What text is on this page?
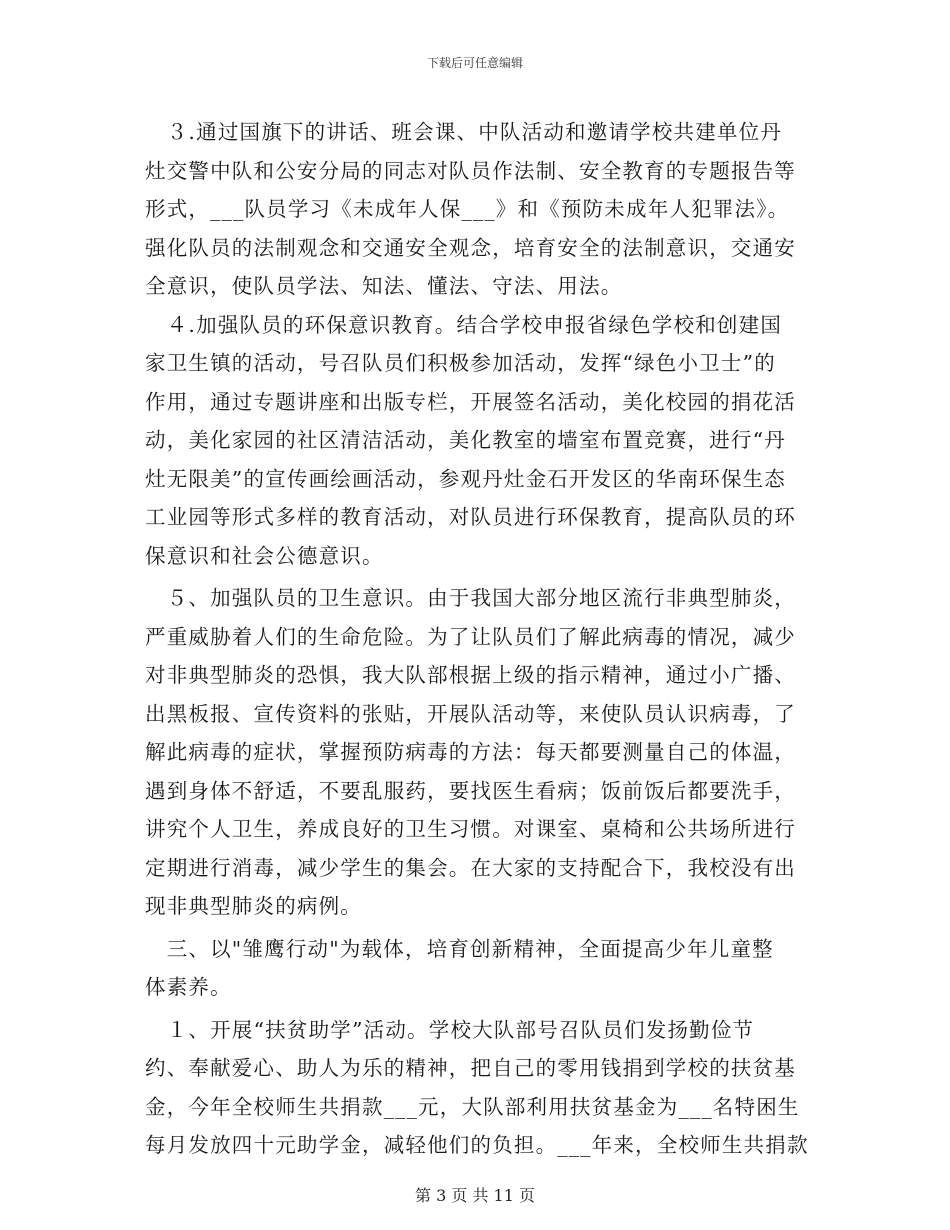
下载后可任意编辑

　３.通过国旗下的讲话、班会课、中队活动和邀请学校共建单位丹
灶交警中队和公安分局的同志对队员作法制、安全教育的专题报告等
形式，___队员学习《未成年人保___》和《预防未成年人犯罪法》。
强化队员的法制观念和交通安全观念，培育安全的法制意识，交通安
全意识，使队员学法、知法、懂法、守法、用法。

　４.加强队员的环保意识教育。结合学校申报省绿色学校和创建国
家卫生镇的活动，号召队员们积极参加活动，发挥“绿色小卫士”的
作用，通过专题讲座和出版专栏，开展签名活动，美化校园的捐花活
动，美化家园的社区清洁活动，美化教室的墙室布置竞赛，进行“丹
灶无限美”的宣传画绘画活动，参观丹灶金石开发区的华南环保生态
工业园等形式多样的教育活动，对队员进行环保教育，提高队员的环
保意识和社会公德意识。

　５、加强队员的卫生意识。由于我国大部分地区流行非典型肺炎，
严重威胁着人们的生命危险。为了让队员们了解此病毒的情况，减少
对非典型肺炎的恐惧，我大队部根据上级的指示精神，通过小广播、
出黑板报、宣传资料的张贴，开展队活动等，来使队员认识病毒，了
解此病毒的症状，掌握预防病毒的方法：每天都要测量自己的体温，
遇到身体不舒适，不要乱服药，要找医生看病；饭前饭后都要洗手，
讲究个人卫生，养成良好的卫生习惯。对课室、桌椅和公共场所进行
定期进行消毒，减少学生的集会。在大家的支持配合下，我校没有出
现非典型肺炎的病例。

　三、以"雏鹰行动"为载体，培育创新精神，全面提高少年儿童整
体素养。

　１、开展“扶贫助学”活动。学校大队部号召队员们发扬勤俭节
约、奉献爱心、助人为乐的精神，把自己的零用钱捐到学校的扶贫基
金，今年全校师生共捐款___元，大队部利用扶贫基金为___名特困生
每月发放四十元助学金，减轻他们的负担。___年来，全校师生共捐款

第 3 页 共 11 页
